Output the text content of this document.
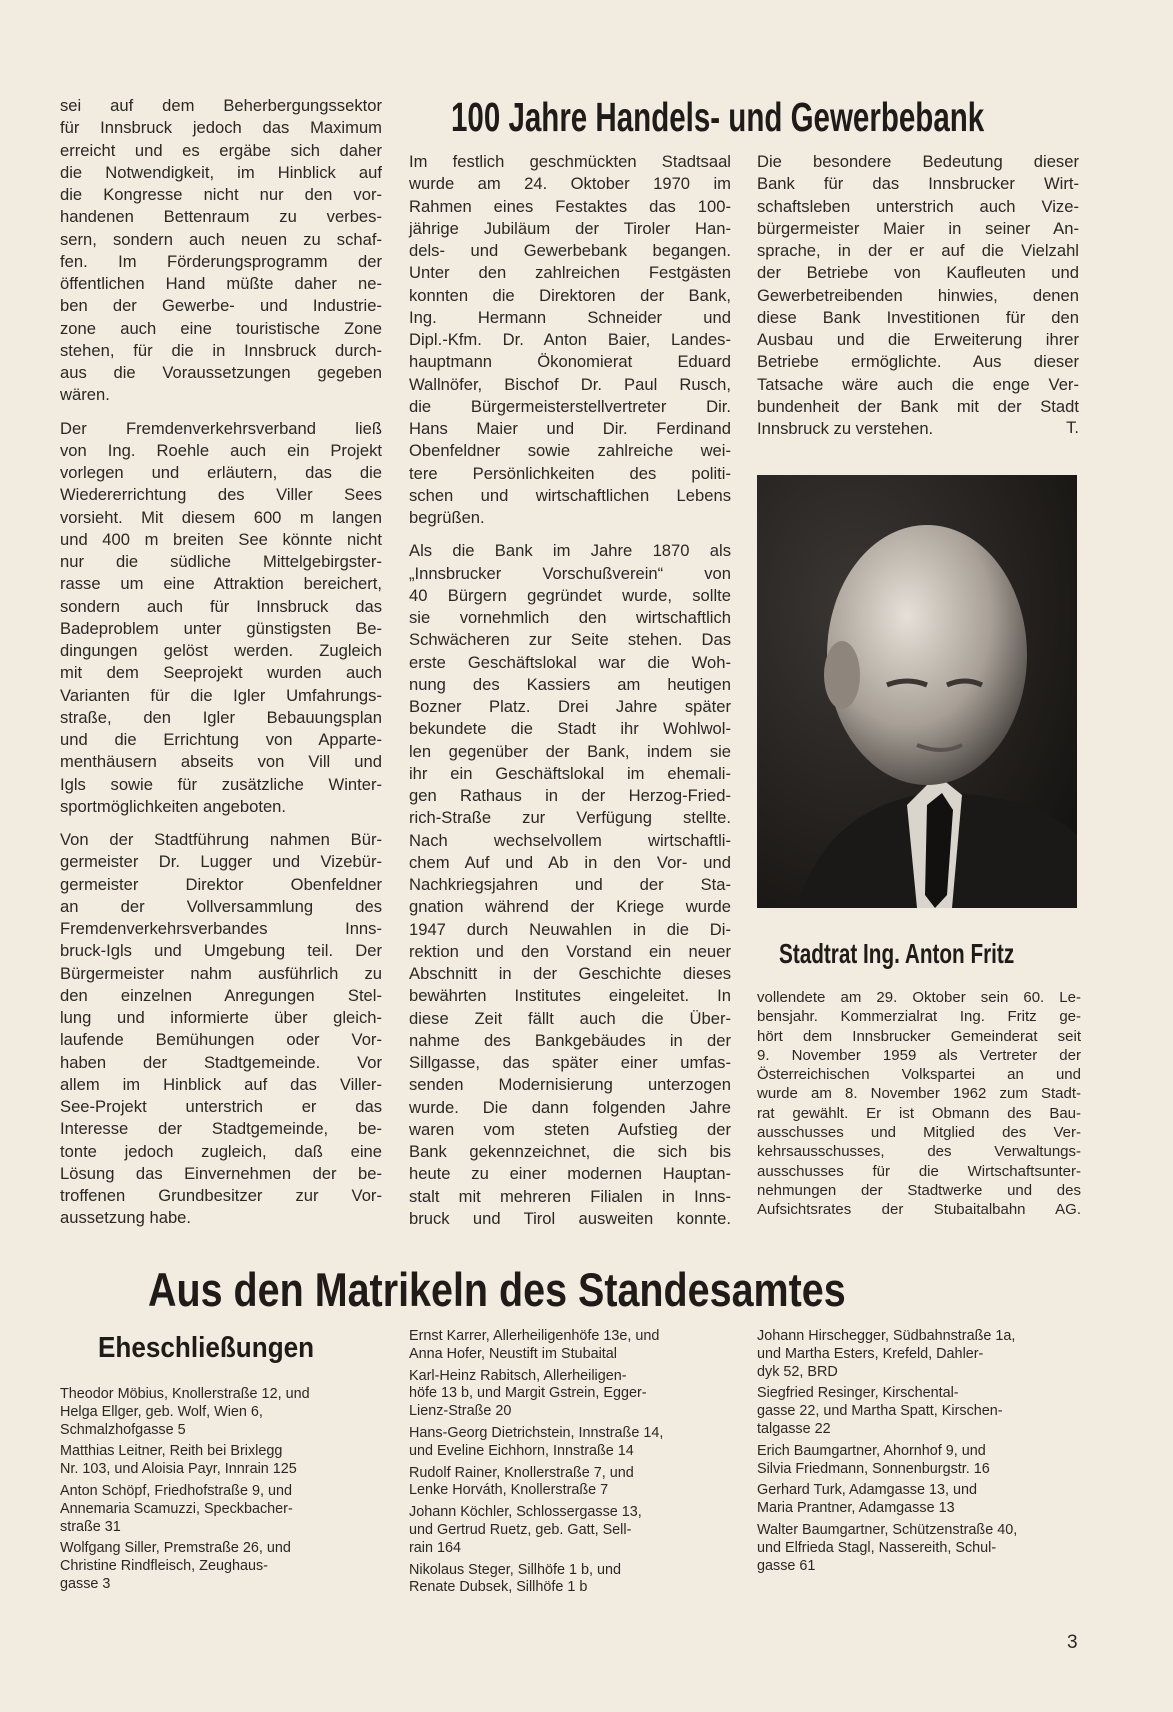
sei auf dem Beherbergungssektor
für Innsbruck jedoch das Maximum
erreicht und es ergäbe sich daher
die Notwendigkeit, im Hinblick auf
die Kongresse nicht nur den vor-
handenen Bettenraum zu verbes-
sern, sondern auch neuen zu schaf-
fen. Im Förderungsprogramm der
öffentlichen Hand müßte daher ne-
ben der Gewerbe- und Industrie-
zone auch eine touristische Zone
stehen, für die in Innsbruck durch-
aus die Voraussetzungen gegeben
wären.
Der Fremdenverkehrsverband ließ
von Ing. Roehle auch ein Projekt
vorlegen und erläutern, das die
Wiedererrichtung des Viller Sees
vorsieht. Mit diesem 600 m langen
und 400 m breiten See könnte nicht
nur die südliche Mittelgebirgster-
rasse um eine Attraktion bereichert,
sondern auch für Innsbruck das
Badeproblem unter günstigsten Be-
dingungen gelöst werden. Zugleich
mit dem Seeprojekt wurden auch
Varianten für die Igler Umfahrungs-
straße, den Igler Bebauungsplan
und die Errichtung von Apparte-
menthäusern abseits von Vill und
Igls sowie für zusätzliche Winter-
sportmöglichkeiten angeboten.
Von der Stadtführung nahmen Bür-
germeister Dr. Lugger und Vizebür-
germeister Direktor Obenfeldner
an der Vollversammlung des
Fremdenverkehrsverbandes Inns-
bruck-Igls und Umgebung teil. Der
Bürgermeister nahm ausführlich zu
den einzelnen Anregungen Stel-
lung und informierte über gleich-
laufende Bemühungen oder Vor-
haben der Stadtgemeinde. Vor
allem im Hinblick auf das Viller-
See-Projekt unterstrich er das
Interesse der Stadtgemeinde, be-
tonte jedoch zugleich, daß eine
Lösung das Einvernehmen der be-
troffenen Grundbesitzer zur Vor-
aussetzung habe.
100 Jahre Handels- und Gewerbebank
Im festlich geschmückten Stadtsaal
wurde am 24. Oktober 1970 im
Rahmen eines Festaktes das 100-
jährige Jubiläum der Tiroler Han-
dels- und Gewerbebank begangen.
Unter den zahlreichen Festgästen
konnten die Direktoren der Bank,
Ing. Hermann Schneider und
Dipl.-Kfm. Dr. Anton Baier, Landes-
hauptmann Ökonomierat Eduard
Wallnöfer, Bischof Dr. Paul Rusch,
die Bürgermeisterstellvertreter Dir.
Hans Maier und Dir. Ferdinand
Obenfeldner sowie zahlreiche wei-
tere Persönlichkeiten des politi-
schen und wirtschaftlichen Lebens
begrüßen.
Als die Bank im Jahre 1870 als
„Innsbrucker Vorschußverein“ von
40 Bürgern gegründet wurde, sollte
sie vornehmlich den wirtschaftlich
Schwächeren zur Seite stehen. Das
erste Geschäftslokal war die Woh-
nung des Kassiers am heutigen
Bozner Platz. Drei Jahre später
bekundete die Stadt ihr Wohlwol-
len gegenüber der Bank, indem sie
ihr ein Geschäftslokal im ehemali-
gen Rathaus in der Herzog-Fried-
rich-Straße zur Verfügung stellte.
Nach wechselvollem wirtschaftli-
chem Auf und Ab in den Vor- und
Nachkriegsjahren und der Sta-
gnation während der Kriege wurde
1947 durch Neuwahlen in die Di-
rektion und den Vorstand ein neuer
Abschnitt in der Geschichte dieses
bewährten Institutes eingeleitet. In
diese Zeit fällt auch die Über-
nahme des Bankgebäudes in der
Sillgasse, das später einer umfas-
senden Modernisierung unterzogen
wurde. Die dann folgenden Jahre
waren vom steten Aufstieg der
Bank gekennzeichnet, die sich bis
heute zu einer modernen Hauptan-
stalt mit mehreren Filialen in Inns-
bruck und Tirol ausweiten konnte.
Die besondere Bedeutung dieser
Bank für das Innsbrucker Wirt-
schaftsleben unterstrich auch Vize-
bürgermeister Maier in seiner An-
sprache, in der er auf die Vielzahl
der Betriebe von Kaufleuten und
Gewerbetreibenden hinwies, denen
diese Bank Investitionen für den
Ausbau und die Erweiterung ihrer
Betriebe ermöglichte. Aus dieser
Tatsache wäre auch die enge Ver-
bundenheit der Bank mit der Stadt
Innsbruck zu verstehen.	T.
Stadtrat Ing. Anton Fritz
vollendete am 29. Oktober sein 60. Le-
bensjahr. Kommerzialrat Ing. Fritz ge-
hört dem Innsbrucker Gemeinderat seit
9. November 1959 als Vertreter der
Österreichischen Volkspartei an und
wurde am 8. November 1962 zum Stadt-
rat gewählt. Er ist Obmann des Bau-
ausschusses und Mitglied des Ver-
kehrsausschusses, des Verwaltungs-
ausschusses für die Wirtschaftsunter-
nehmungen der Stadtwerke und des
Aufsichtsrates der Stubaitalbahn AG.
Aus den Matrikeln des Standesamtes
Eheschließungen
Theodor Möbius, Knollerstraße 12, und
Helga Ellger, geb. Wolf, Wien 6,
Schmalzhofgasse 5
Matthias Leitner, Reith bei Brixlegg
Nr. 103, und Aloisia Payr, Innrain 125
Anton Schöpf, Friedhofstraße 9, und
Annemaria Scamuzzi, Speckbacher-
straße 31
Wolfgang Siller, Premstraße 26, und
Christine Rindfleisch, Zeughaus-
gasse 3
Ernst Karrer, Allerheiligenhöfe 13e, und
Anna Hofer, Neustift im Stubaital
Karl-Heinz Rabitsch, Allerheiligen-
höfe 13 b, und Margit Gstrein, Egger-
Lienz-Straße 20
Hans-Georg Dietrichstein, Innstraße 14,
und Eveline Eichhorn, Innstraße 14
Rudolf Rainer, Knollerstraße 7, und
Lenke Horváth, Knollerstraße 7
Johann Köchler, Schlossergasse 13,
und Gertrud Ruetz, geb. Gatt, Sell-
rain 164
Nikolaus Steger, Sillhöfe 1 b, und
Renate Dubsek, Sillhöfe 1 b
Johann Hirschegger, Südbahnstraße 1a,
und Martha Esters, Krefeld, Dahler-
dyk 52, BRD
Siegfried Resinger, Kirschental-
gasse 22, und Martha Spatt, Kirschen-
talgasse 22
Erich Baumgartner, Ahornhof 9, und
Silvia Friedmann, Sonnenburgstr. 16
Gerhard Turk, Adamgasse 13, und
Maria Prantner, Adamgasse 13
Walter Baumgartner, Schützenstraße 40,
und Elfrieda Stagl, Nassereith, Schul-
gasse 61
3
